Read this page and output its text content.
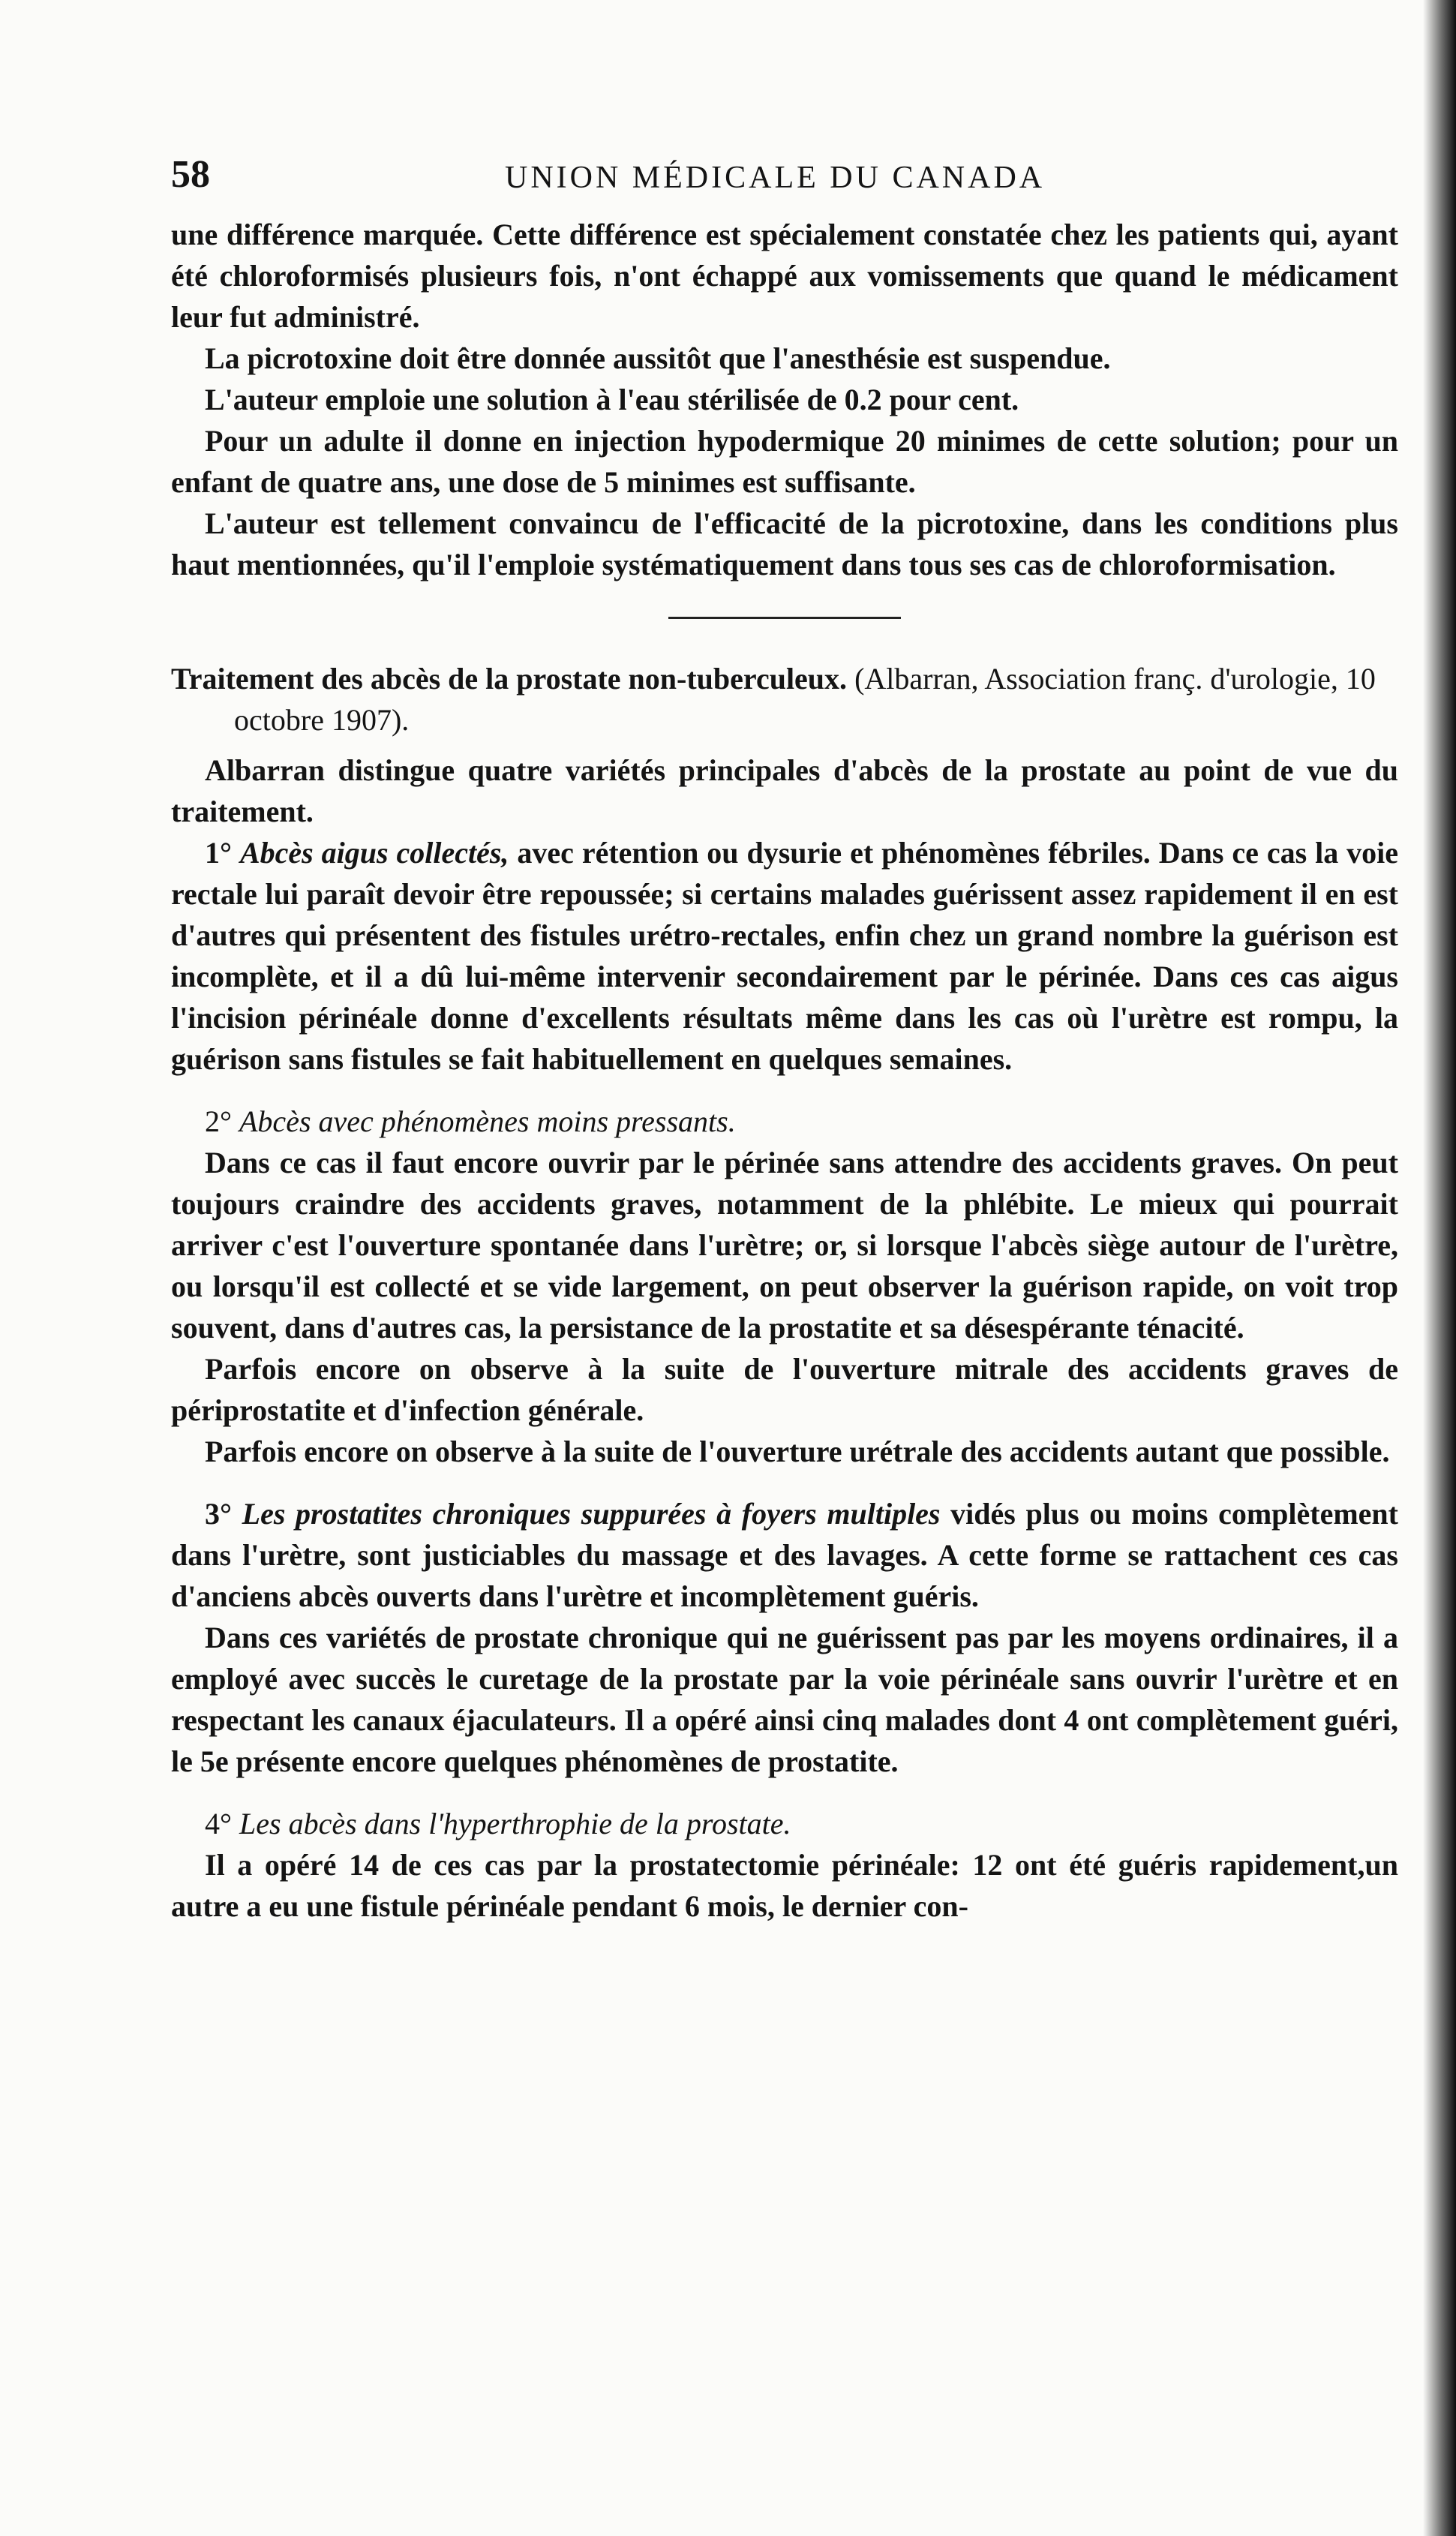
58	UNION MÉDICALE DU CANADA

une différence marquée. Cette différence est spécialement constatée chez les patients qui, ayant été chloroformisés plusieurs fois, n'ont échappé aux vomissements que quand le médicament leur fut administré.

La picrotoxine doit être donnée aussitôt que l'anesthésie est suspendue.

L'auteur emploie une solution à l'eau stérilisée de 0.2 pour cent.

Pour un adulte il donne en injection hypodermique 20 minimes de cette solution; pour un enfant de quatre ans, une dose de 5 minimes est suffisante.

L'auteur est tellement convaincu de l'efficacité de la picrotoxine, dans les conditions plus haut mentionnées, qu'il l'emploie systématiquement dans tous ses cas de chloroformisation.

Traitement des abcès de la prostate non-tuberculeux. (Albarran, Association franç. d'urologie, 10 octobre 1907).

Albarran distingue quatre variétés principales d'abcès de la prostate au point de vue du traitement.

1° Abcès aigus collectés, avec rétention ou dysurie et phénomènes fébriles. Dans ce cas la voie rectale lui paraît devoir être repoussée; si certains malades guérissent assez rapidement il en est d'autres qui présentent des fistules urétro-rectales, enfin chez un grand nombre la guérison est incomplète, et il a dû lui-même intervenir secondairement par le périnée. Dans ces cas aigus l'incision périnéale donne d'excellents résultats même dans les cas où l'urètre est rompu, la guérison sans fistules se fait habituellement en quelques semaines.

2° Abcès avec phénomènes moins pressants.

Dans ce cas il faut encore ouvrir par le périnée sans attendre des accidents graves. On peut toujours craindre des accidents graves, notamment de la phlébite. Le mieux qui pourrait arriver c'est l'ouverture spontanée dans l'urètre; or, si lorsque l'abcès siège autour de l'urètre, ou lorsqu'il est collecté et se vide largement, on peut observer la guérison rapide, on voit trop souvent, dans d'autres cas, la persistance de la prostatite et sa désespérante ténacité.

Parfois encore on observe à la suite de l'ouverture mitrale des accidents graves de périprostatite et d'infection générale.

Parfois encore on observe à la suite de l'ouverture urétrale des accidents autant que possible.

3° Les prostatites chroniques suppurées à foyers multiples vidés plus ou moins complètement dans l'urètre, sont justiciables du massage et des lavages. A cette forme se rattachent ces cas d'anciens abcès ouverts dans l'urètre et incomplètement guéris.

Dans ces variétés de prostate chronique qui ne guérissent pas par les moyens ordinaires, il a employé avec succès le curetage de la prostate par la voie périnéale sans ouvrir l'urètre et en respectant les canaux éjaculateurs. Il a opéré ainsi cinq malades dont 4 ont complètement guéri, le 5e présente encore quelques phénomènes de prostatite.

4° Les abcès dans l'hyperthrophie de la prostate.

Il a opéré 14 de ces cas par la prostatectomie périnéale: 12 ont été guéris rapidement,un autre a eu une fistule périnéale pendant 6 mois, le dernier con-
